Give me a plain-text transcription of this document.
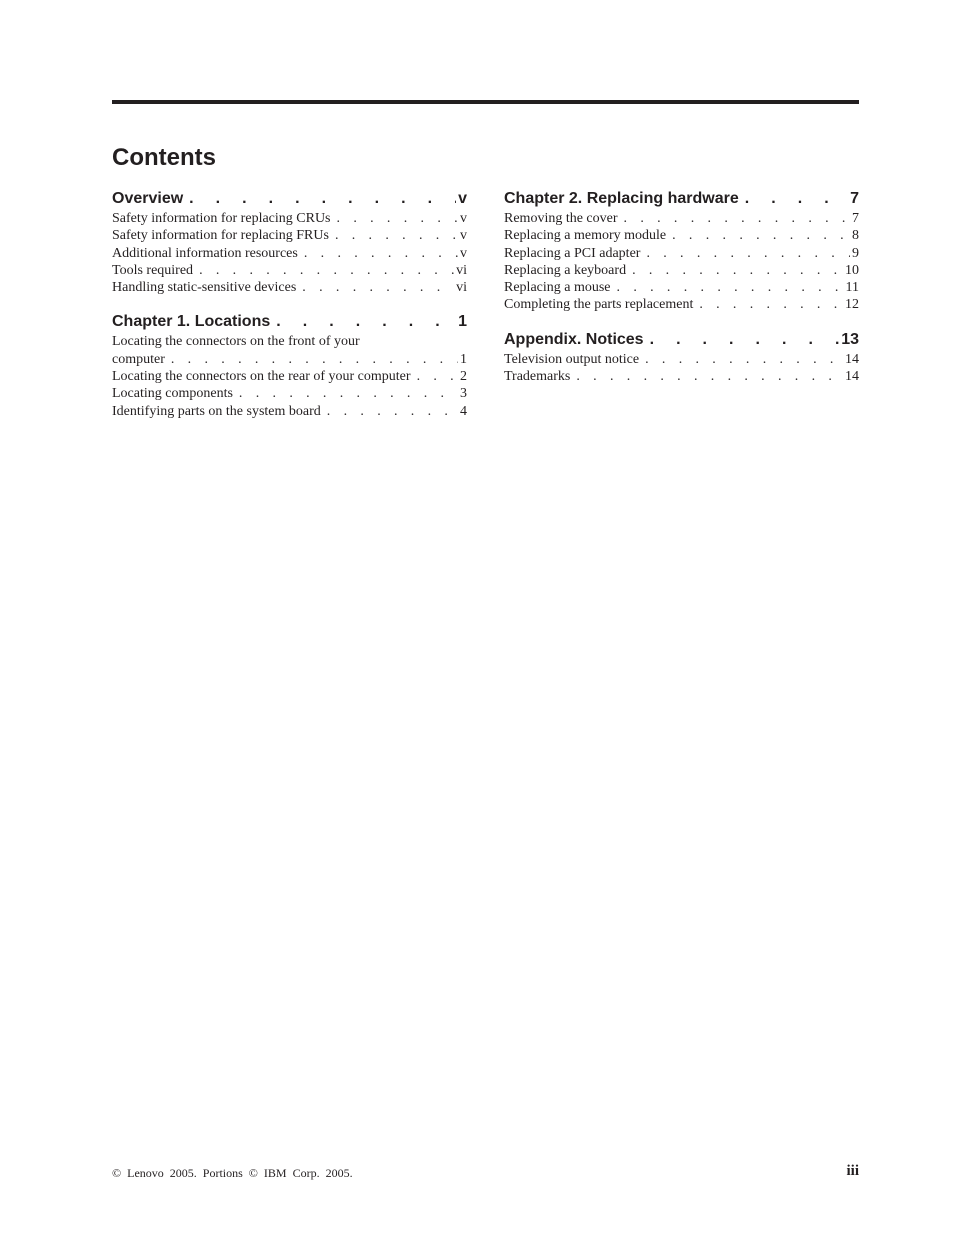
Contents
Overview . . .	v
Safety information for replacing CRUs . . .	v
Safety information for replacing FRUs . . .	v
Additional information resources . . .	v
Tools required . . .	vi
Handling static-sensitive devices . . .	vi
Chapter 1. Locations . . .	1
Locating the connectors on the front of your
computer . . .	1
Locating the connectors on the rear of your computer . . .	2
Locating components . . .	3
Identifying parts on the system board . . .	4
Chapter 2. Replacing hardware . . .	7
Removing the cover . . .	7
Replacing a memory module . . .	8
Replacing a PCI adapter . . .	9
Replacing a keyboard . . .	10
Replacing a mouse . . .	11
Completing the parts replacement . . .	12
Appendix. Notices . . .	13
Television output notice . . .	14
Trademarks . . .	14
© Lenovo 2005. Portions © IBM Corp. 2005.	iii
